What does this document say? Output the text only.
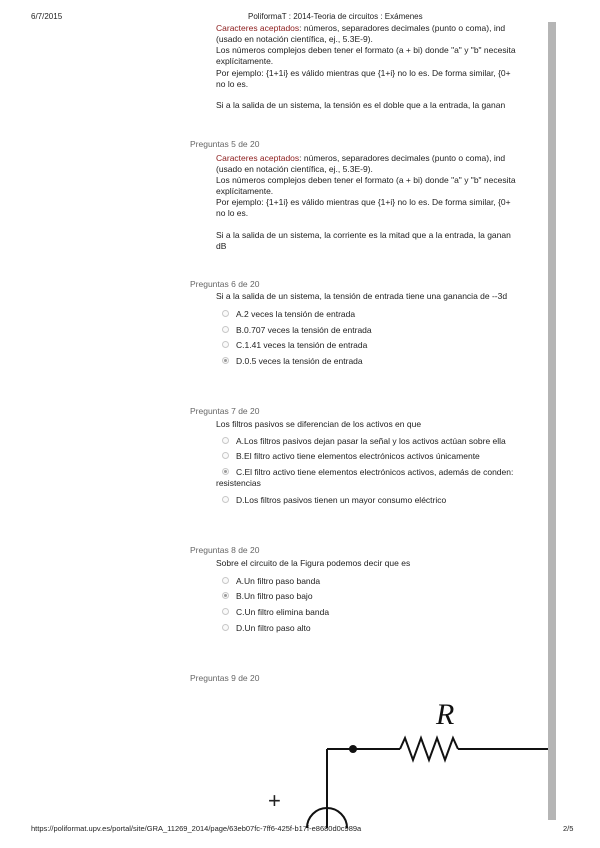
6/7/2015	PoliformaT : 2014-Teoria de circuitos : Exámenes
https://poliformat.upv.es/portal/site/GRA_11269_2014/page/63eb07fc-7ff6-425f-b17f-e8680d0c989a	2/5
Caracteres aceptados: números, separadores decimales (punto o coma), ind
(usado en notación científica, ej., 5.3E-9).
Los números complejos deben tener el formato (a + bi) donde "a" y "b" necesita
explícitamente.
Por ejemplo: {1+1i} es válido mientras que {1+i} no lo es. De forma similar, {0+
no lo es.
Si a la salida de un sistema, la tensión es el doble que a la entrada, la ganan
Preguntas 5 de 20
Caracteres aceptados: números, separadores decimales (punto o coma), ind
(usado en notación científica, ej., 5.3E-9).
Los números complejos deben tener el formato (a + bi) donde "a" y "b" necesita
explícitamente.
Por ejemplo: {1+1i} es válido mientras que {1+i} no lo es. De forma similar, {0+
no lo es.
Si a la salida de un sistema, la corriente es la mitad que a la entrada, la ganan
dB
Preguntas 6 de 20
Si a la salida de un sistema, la tensión de entrada tiene una ganancia de --3d
A.2 veces la tensión de entrada
B.0.707 veces la tensión de entrada
C.1.41 veces la tensión de entrada
D.0.5 veces la tensión de entrada
Preguntas 7 de 20
Los filtros pasivos se diferencian de los activos en que
A.Los filtros pasivos dejan pasar la señal y los activos actúan sobre ella
B.El filtro activo tiene elementos electrónicos activos únicamente
C.El filtro activo tiene elementos electrónicos activos, además de conden:
resistencias
D.Los filtros pasivos tienen un mayor consumo eléctrico
Preguntas 8 de 20
Sobre el circuito de la Figura podemos decir que es
A.Un filtro paso banda
B.Un filtro paso bajo
C.Un filtro elimina banda
D.Un filtro paso alto
Preguntas 9 de 20
R
+
